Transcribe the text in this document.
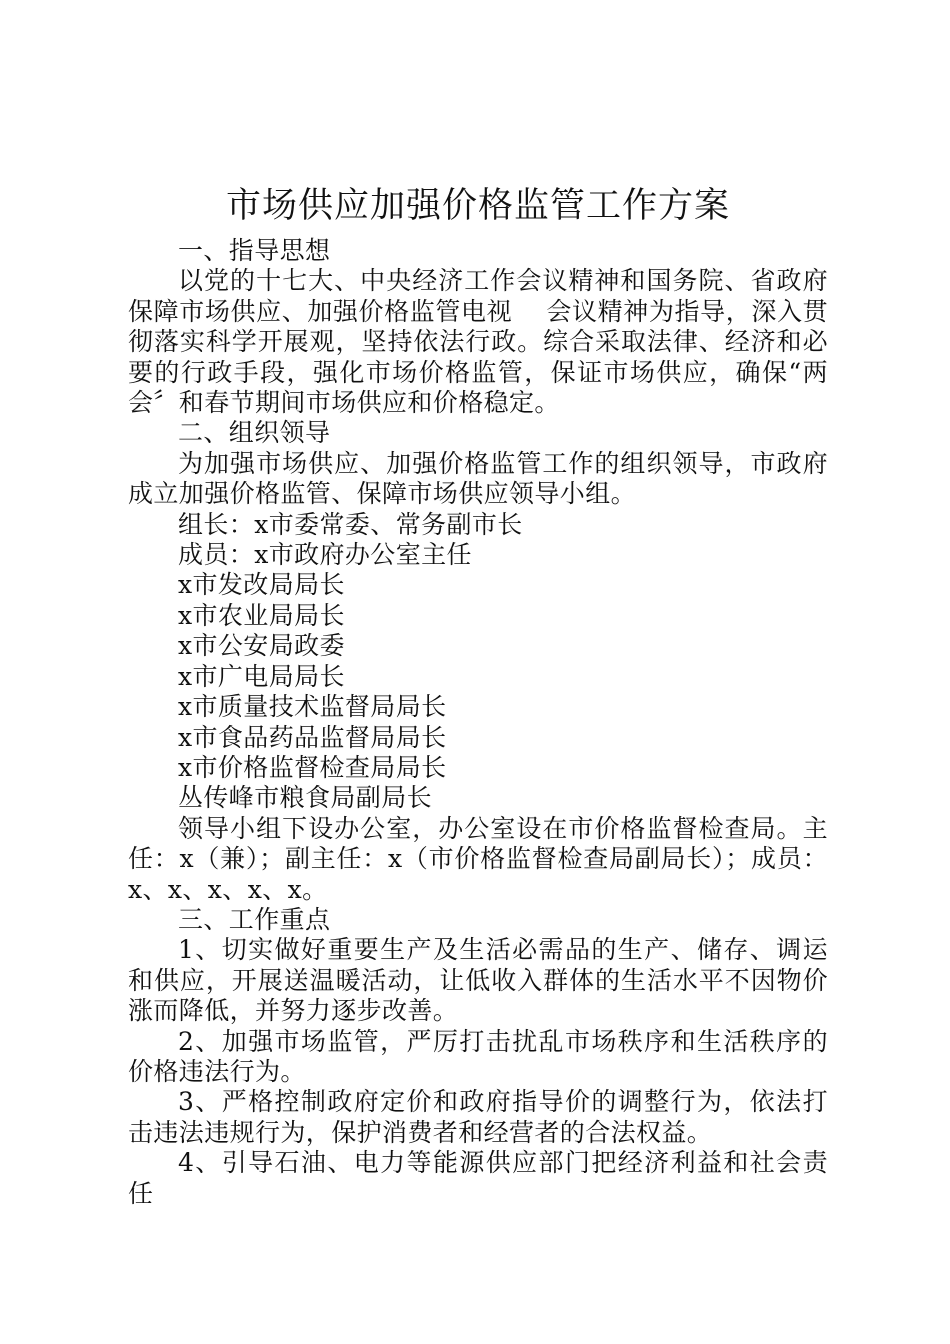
市场供应加强价格监管工作方案

一、指导思想

以党的十七大、中央经济工作会议精神和国务院、省政府保障市场供应、加强价格监管电视　 会议精神为指导，深入贯彻落实科学开展观，坚持依法行政。综合采取法律、经济和必要的行政手段，强化市场价格监管，保证市场供应，确保“两会〞和春节期间市场供应和价格稳定。

二、组织领导

为加强市场供应、加强价格监管工作的组织领导，市政府成立加强价格监管、保障市场供应领导小组。

组长：x市委常委、常务副市长

成员：x市政府办公室主任

x市发改局局长

x市农业局局长

x市公安局政委

x市广电局局长

x市质量技术监督局局长

x市食品药品监督局局长

x市价格监督检查局局长

丛传峰市粮食局副局长

领导小组下设办公室，办公室设在市价格监督检查局。主任：x（兼）；副主任：x（市价格监督检查局副局长）；成员：x、x、x、x、x。

三、工作重点

1、切实做好重要生产及生活必需品的生产、储存、调运和供应，开展送温暖活动，让低收入群体的生活水平不因物价涨而降低，并努力逐步改善。

2、加强市场监管，严厉打击扰乱市场秩序和生活秩序的价格违法行为。

3、严格控制政府定价和政府指导价的调整行为，依法打击违法违规行为，保护消费者和经营者的合法权益。

4、引导石油、电力等能源供应部门把经济利益和社会责任
